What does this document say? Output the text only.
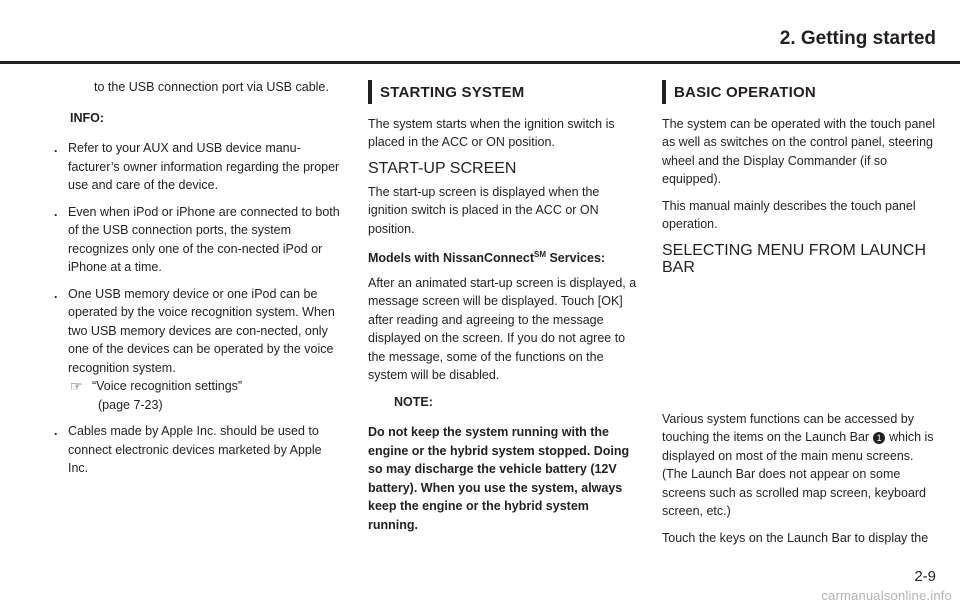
2. Getting started

to the USB connection port via USB cable.

INFO:
. Refer to your AUX and USB device manu-facturer’s owner information regarding the proper use and care of the device.
. Even when iPod or iPhone are connected to both of the USB connection ports, the system recognizes only one of the con-nected iPod or iPhone at a time.
. One USB memory device or one iPod can be operated by the voice recognition system. When two USB memory devices are con-nected, only one of the devices can be operated by the voice recognition system.
☞ “Voice recognition settings”
(page 7-23)
. Cables made by Apple Inc. should be used to connect electronic devices marketed by Apple Inc.
STARTING SYSTEM

The system starts when the ignition switch is placed in the ACC or ON position.

START-UP SCREEN

The start-up screen is displayed when the ignition switch is placed in the ACC or ON position.

Models with NissanConnect℠ Services:

After an animated start-up screen is displayed, a message screen will be displayed. Touch [OK] after reading and agreeing to the message displayed on the screen. If you do not agree to the message, some of the functions on the system will be disabled.

NOTE:

Do not keep the system running with the engine or the hybrid system stopped. Doing so may discharge the vehicle battery (12V battery). When you use the system, always keep the engine or the hybrid system running.

BASIC OPERATION

The system can be operated with the touch panel as well as switches on the control panel, steering wheel and the Display Commander (if so equipped).

This manual mainly describes the touch panel operation.

SELECTING MENU FROM LAUNCH BAR

Various system functions can be accessed by touching the items on the Launch Bar 1 which is displayed on most of the main menu screens. (The Launch Bar does not appear on some screens such as scrolled map screen, keyboard screen, etc.)

Touch the keys on the Launch Bar to display the

2-9
carmanualsonline.info
